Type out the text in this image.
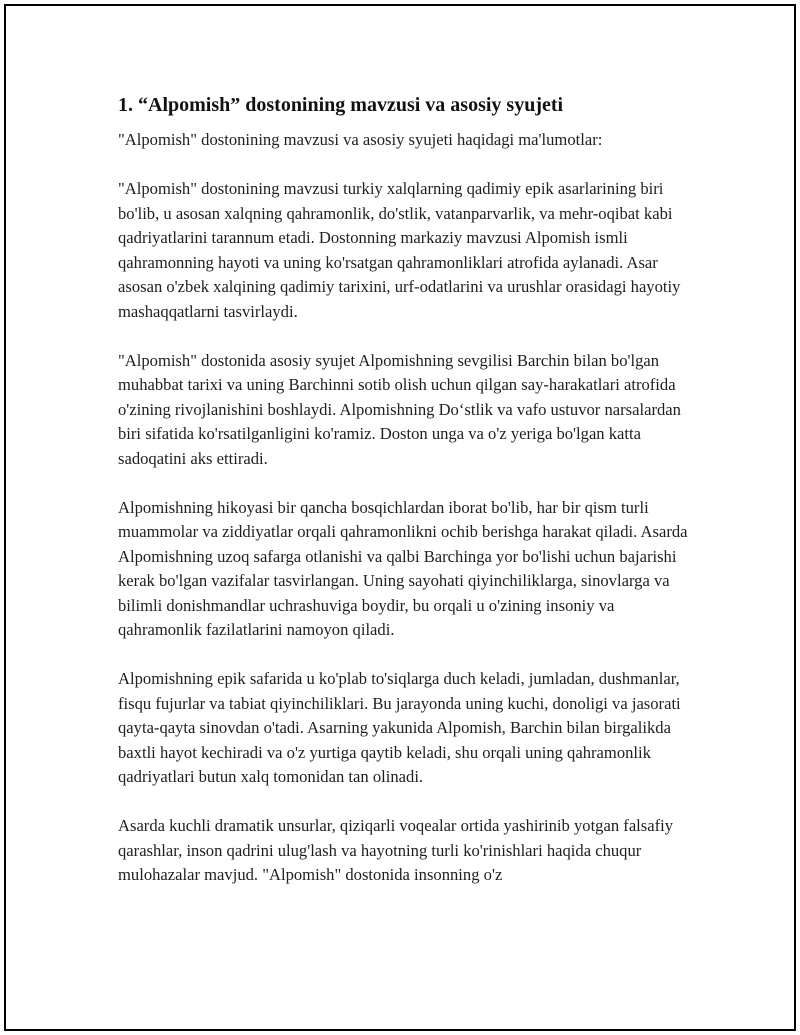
1. “Alpomish” dostonining mavzusi va asosiy syujeti

"Alpomish" dostonining mavzusi va asosiy syujeti haqidagi ma'lumotlar:

"Alpomish" dostonining mavzusi turkiy xalqlarning qadimiy epik asarlarining biri bo'lib, u asosan xalqning qahramonlik, do'stlik, vatanparvarlik, va mehr-oqibat kabi qadriyatlarini tarannum etadi. Dostonning markaziy mavzusi Alpomish ismli qahramonning hayoti va uning ko'rsatgan qahramonliklari atrofida aylanadi. Asar asosan o'zbek xalqining qadimiy tarixini, urf-odatlarini va urushlar orasidagi hayotiy mashaqqatlarni tasvirlaydi.

"Alpomish" dostonida asosiy syujet Alpomishning sevgilisi Barchin bilan bo'lgan muhabbat tarixi va uning Barchinni sotib olish uchun qilgan say-harakatlari atrofida o'zining rivojlanishini boshlaydi. Alpomishning Do‘stlik va vafo ustuvor narsalardan biri sifatida ko'rsatilganligini ko'ramiz. Doston unga va o'z yeriga bo'lgan katta sadoqatini aks ettiradi.

Alpomishning hikoyasi bir qancha bosqichlardan iborat bo'lib, har bir qism turli muammolar va ziddiyatlar orqali qahramonlikni ochib berishga harakat qiladi. Asarda Alpomishning uzoq safarga otlanishi va qalbi Barchinga yor bo'lishi uchun bajarishi kerak bo'lgan vazifalar tasvirlangan. Uning sayohati qiyinchiliklarga, sinovlarga va bilimli donishmandlar uchrashuviga boydir, bu orqali u o'zining insoniy va qahramonlik fazilatlarini namoyon qiladi.

Alpomishning epik safarida u ko'plab to'siqlarga duch keladi, jumladan, dushmanlar, fisqu fujurlar va tabiat qiyinchiliklari. Bu jarayonda uning kuchi, donoligi va jasorati qayta-qayta sinovdan o'tadi. Asarning yakunida Alpomish, Barchin bilan birgalikda baxtli hayot kechiradi va o'z yurtiga qaytib keladi, shu orqali uning qahramonlik qadriyatlari butun xalq tomonidan tan olinadi.

Asarda kuchli dramatik unsurlar, qiziqarli voqealar ortida yashirinib yotgan falsafiy qarashlar, inson qadrini ulug'lash va hayotning turli ko'rinishlari haqida chuqur mulohazalar mavjud. "Alpomish" dostonida insonning o'z
